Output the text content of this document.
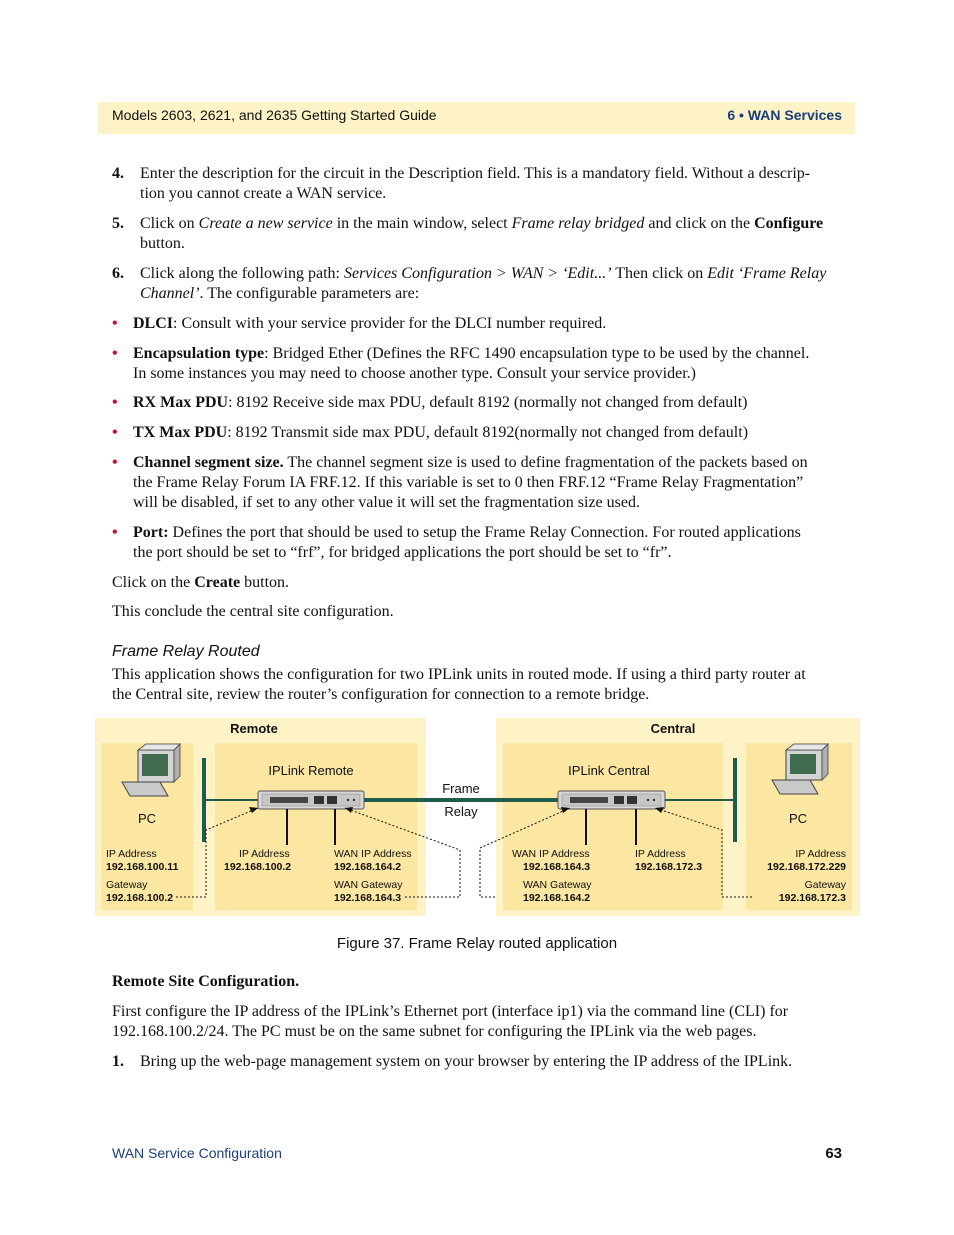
Models 2603, 2621, and 2635 Getting Started Guide	6 • WAN Services
4. Enter the description for the circuit in the Description field. This is a mandatory field. Without a descrip-
tion you cannot create a WAN service.
5. Click on Create a new service in the main window, select Frame relay bridged and click on the Configure
button.
6. Click along the following path: Services Configuration > WAN > ‘Edit...’ Then click on Edit ‘Frame Relay
Channel’. The configurable parameters are:
• DLCI: Consult with your service provider for the DLCI number required.
• Encapsulation type: Bridged Ether (Defines the RFC 1490 encapsulation type to be used by the channel.
In some instances you may need to choose another type. Consult your service provider.)
• RX Max PDU: 8192 Receive side max PDU, default 8192 (normally not changed from default)
• TX Max PDU: 8192 Transmit side max PDU, default 8192(normally not changed from default)
• Channel segment size. The channel segment size is used to define fragmentation of the packets based on
the Frame Relay Forum IA FRF.12. If this variable is set to 0 then FRF.12 “Frame Relay Fragmentation”
will be disabled, if set to any other value it will set the fragmentation size used.
• Port: Defines the port that should be used to setup the Frame Relay Connection. For routed applications
the port should be set to “frf”, for bridged applications the port should be set to “fr”.
Click on the Create button.
This conclude the central site configuration.
Frame Relay Routed
This application shows the configuration for two IPLink units in routed mode. If using a third party router at
the Central site, review the router’s configuration for connection to a remote bridge.
Remote	Central
IPLink Remote	IPLink Central
Frame
Relay
PC	PC
IP Address
192.168.100.11
Gateway
192.168.100.2
IP Address
192.168.100.2
WAN IP Address
192.168.164.2
WAN Gateway
192.168.164.3
WAN IP Address
192.168.164.3
WAN Gateway
192.168.164.2
IP Address
192.168.172.3
IP Address
192.168.172.229
Gateway
192.168.172.3
Figure 37. Frame Relay routed application
Remote Site Configuration.
First configure the IP address of the IPLink’s Ethernet port (interface ip1) via the command line (CLI) for
192.168.100.2/24. The PC must be on the same subnet for configuring the IPLink via the web pages.
1. Bring up the web-page management system on your browser by entering the IP address of the IPLink.
WAN Service Configuration	63
